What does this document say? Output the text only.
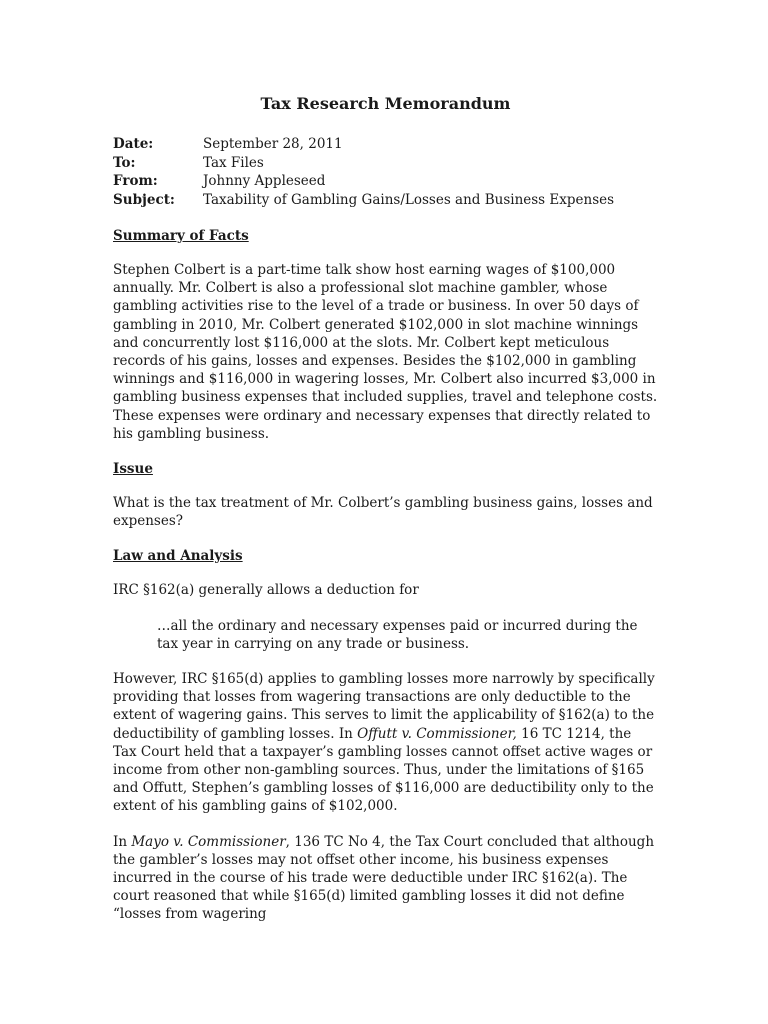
Tax Research Memorandum
Date:	September 28, 2011
To:	Tax Files
From:	Johnny Appleseed
Subject:	Taxability of Gambling Gains/Losses and Business Expenses
Summary of Facts

Stephen Colbert is a part-time talk show host earning wages of $100,000 annually. Mr. Colbert is also a professional slot machine gambler, whose gambling activities rise to the level of a trade or business. In over 50 days of gambling in 2010, Mr. Colbert generated $102,000 in slot machine winnings and concurrently lost $116,000 at the slots. Mr. Colbert kept meticulous records of his gains, losses and expenses. Besides the $102,000 in gambling winnings and $116,000 in wagering losses, Mr. Colbert also incurred $3,000 in gambling business expenses that included supplies, travel and telephone costs. These expenses were ordinary and necessary expenses that directly related to his gambling business.

Issue

What is the tax treatment of Mr. Colbert’s gambling business gains, losses and expenses?

Law and Analysis

IRC §162(a) generally allows a deduction for

…all the ordinary and necessary expenses paid or incurred during the tax year in carrying on any trade or business.

However, IRC §165(d) applies to gambling losses more narrowly by specifically providing that losses from wagering transactions are only deductible to the extent of wagering gains. This serves to limit the applicability of §162(a) to the deductibility of gambling losses. In Offutt v. Commissioner, 16 TC 1214, the Tax Court held that a taxpayer’s gambling losses cannot offset active wages or income from other non-gambling sources. Thus, under the limitations of §165 and Offutt, Stephen’s gambling losses of $116,000 are deductibility only to the extent of his gambling gains of $102,000.

In Mayo v. Commissioner, 136 TC No 4, the Tax Court concluded that although the gambler’s losses may not offset other income, his business expenses incurred in the course of his trade were deductible under IRC §162(a). The court reasoned that while §165(d) limited gambling losses it did not define “losses from wagering
